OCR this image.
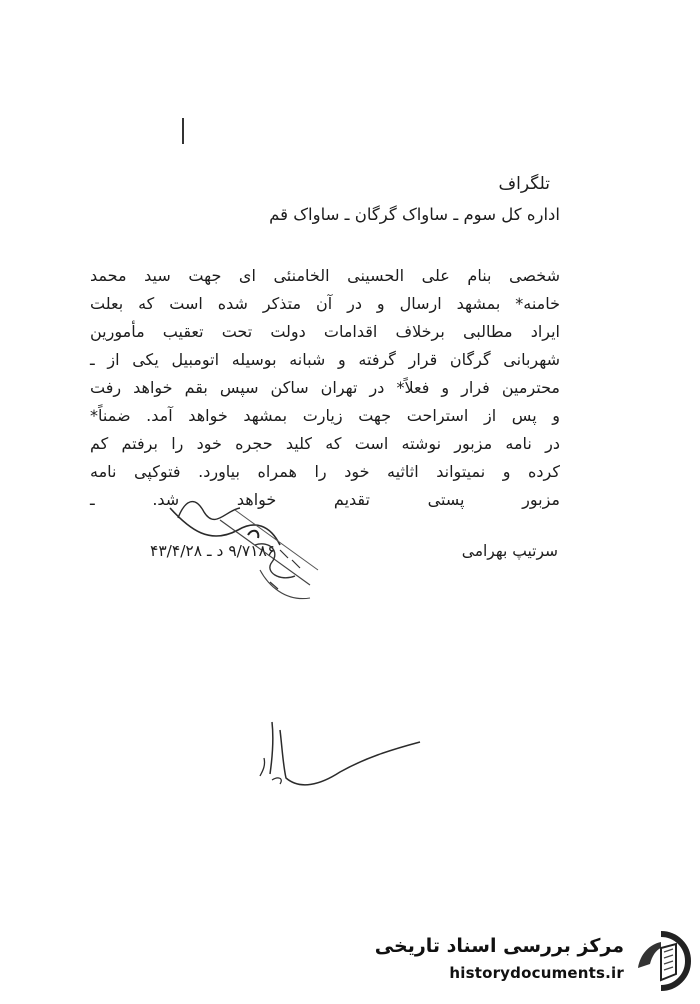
تلگراف
اداره کل سوم ـ ساواک گرگان ـ ساواک قم
شخصی بنام علی الحسینی الخامنئی ای جهت سید محمد
خامنه* بمشهد ارسال و در آن متذکر شده است که بعلت
ایراد مطالبی برخلاف اقدامات دولت تحت تعقیب مأمورین
شهربانی گرگان قرار گرفته و شبانه بوسیله اتومبیل یکی از ـ
محترمین فرار و فعلاً* در تهران ساکن سپس بقم خواهد رفت
و پس از استراحت جهت زیارت بمشهد خواهد آمد. ضمناً*
در نامه مزبور نوشته است که کلید حجره خود را برفتم کم
کرده و نمیتواند اثاثیه خود را همراه بیاورد. فتوکپی نامه
مزبور پستی تقدیم خواهد شد. ـ
سرتیپ بهرامی
۹/۷۱۸۶ د ـ ۴۳/۴/۲۸
مرکز بررسی اسناد تاریخی
historydocuments.ir
